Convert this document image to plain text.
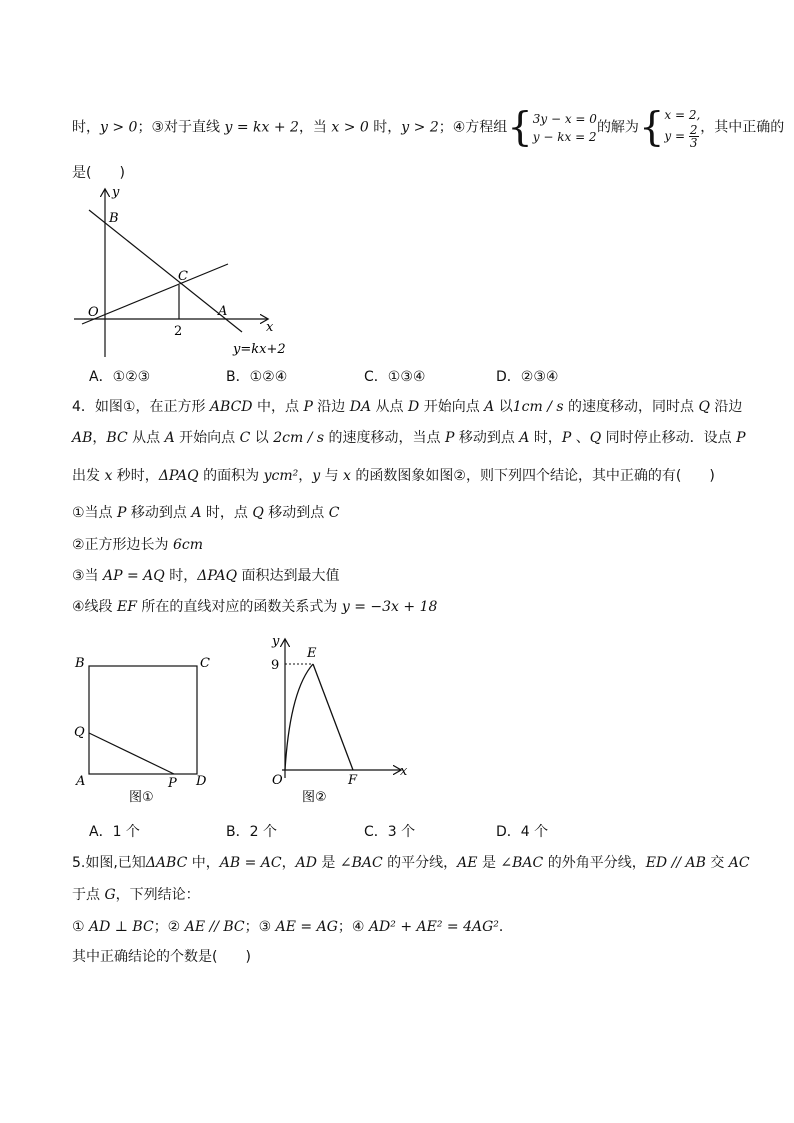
时，y > 0；③对于直线 y = kx + 2，当 x > 0 时，y > 2；④方程组{ 3y − x = 0
y − kx = 2
的解为{ x = 2,
$y = \frac{2}{3}$ ，其中正确的
是(　　)
y
B
C
O
2
A
x
y=kx+2
A．①②③	B．①②④	C．①③④	D．②③④
4．如图①，在正方形 ABCD 中，点 P 沿边 DA 从点 D 开始向点 A 以1cm / s 的速度移动，同时点 Q 沿边
AB，BC 从点 A 开始向点 C 以 2cm / s 的速度移动，当点 P 移动到点 A 时，P 、Q 同时停止移动．设点 P
出发 x 秒时，ΔPAQ 的面积为 ycm²，y 与 x 的函数图象如图②，则下列四个结论，其中正确的有(　　)
①当点 P 移动到点 A 时，点 Q 移动到点 C
②正方形边长为 6cm
③当 AP = AQ 时，ΔPAQ 面积达到最大值
④线段 EF 所在的直线对应的函数关系式为 y = −3x + 18
B	C
Q
A	P D
图①
y
9
E
O	F
x
图②
A．1 个	B．2 个	C．3 个	D．4 个
5.如图,已知ΔABC 中，AB = AC，AD 是 ∠BAC 的平分线，AE 是 ∠BAC 的外角平分线，ED // AB 交 AC
于点 G，下列结论：
① AD ⊥ BC；② AE // BC；③ AE = AG；④ AD² + AE² = 4AG²．
其中正确结论的个数是(　　)
